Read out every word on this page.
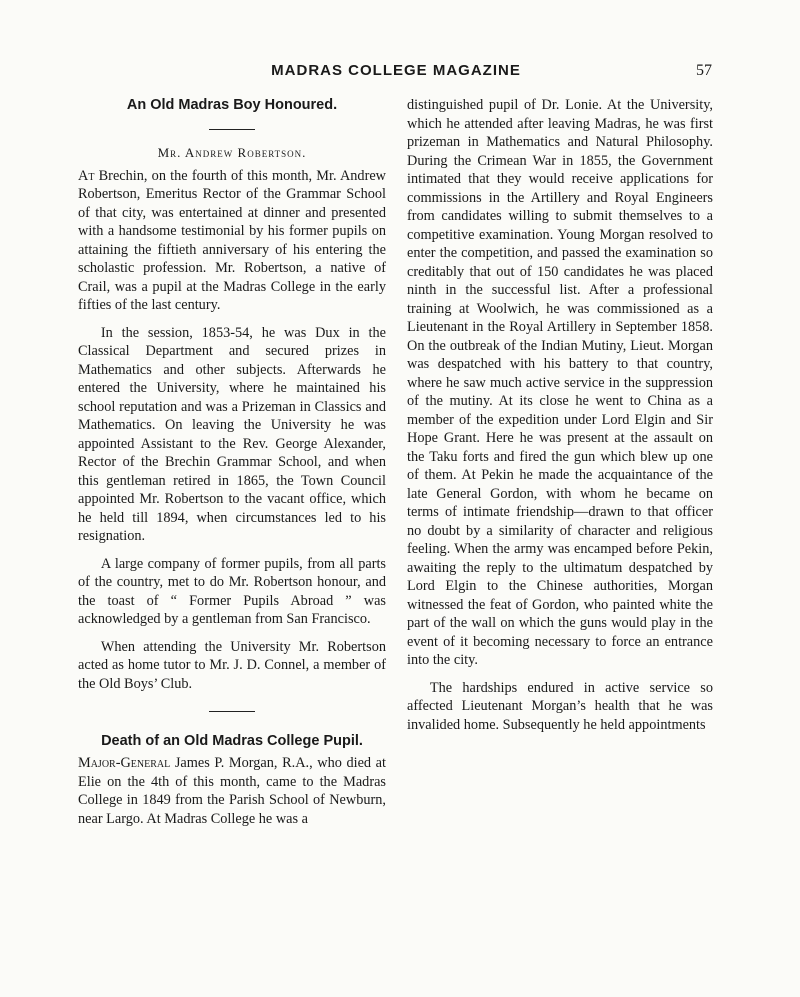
MADRAS COLLEGE MAGAZINE	57

An Old Madras Boy Honoured.

Mr. Andrew Robertson.

At Brechin, on the fourth of this month, Mr. Andrew Robertson, Emeritus Rector of the Grammar School of that city, was entertained at dinner and presented with a handsome testimonial by his former pupils on attaining the fiftieth anniversary of his entering the scholastic profession. Mr. Robertson, a native of Crail, was a pupil at the Madras College in the early fifties of the last century.

In the session, 1853-54, he was Dux in the Classical Department and secured prizes in Mathematics and other subjects. Afterwards he entered the University, where he maintained his school reputation and was a Prizeman in Classics and Mathematics. On leaving the University he was appointed Assistant to the Rev. George Alexander, Rector of the Brechin Grammar School, and when this gentleman retired in 1865, the Town Council appointed Mr. Robertson to the vacant office, which he held till 1894, when circumstances led to his resignation.

A large company of former pupils, from all parts of the country, met to do Mr. Robertson honour, and the toast of “ Former Pupils Abroad ” was acknowledged by a gentleman from San Francisco.

When attending the University Mr. Robertson acted as home tutor to Mr. J. D. Connel, a member of the Old Boys’ Club.

Death of an Old Madras College Pupil.

Major-General James P. Morgan, R.A., who died at Elie on the 4th of this month, came to the Madras College in 1849 from the Parish School of Newburn, near Largo. At Madras College he was a

distinguished pupil of Dr. Lonie. At the University, which he attended after leaving Madras, he was first prizeman in Mathematics and Natural Philosophy. During the Crimean War in 1855, the Government intimated that they would receive applications for commissions in the Artillery and Royal Engineers from candidates willing to submit themselves to a competitive examination. Young Morgan resolved to enter the competition, and passed the examination so creditably that out of 150 candidates he was placed ninth in the successful list. After a professional training at Woolwich, he was commissioned as a Lieutenant in the Royal Artillery in September 1858. On the outbreak of the Indian Mutiny, Lieut. Morgan was despatched with his battery to that country, where he saw much active service in the suppression of the mutiny. At its close he went to China as a member of the expedition under Lord Elgin and Sir Hope Grant. Here he was present at the assault on the Taku forts and fired the gun which blew up one of them. At Pekin he made the acquaintance of the late General Gordon, with whom he became on terms of intimate friendship—drawn to that officer no doubt by a similarity of character and religious feeling. When the army was encamped before Pekin, awaiting the reply to the ultimatum despatched by Lord Elgin to the Chinese authorities, Morgan witnessed the feat of Gordon, who painted white the part of the wall on which the guns would play in the event of it becoming necessary to force an entrance into the city.

The hardships endured in active service so affected Lieutenant Morgan’s health that he was invalided home. Subsequently he held appointments
